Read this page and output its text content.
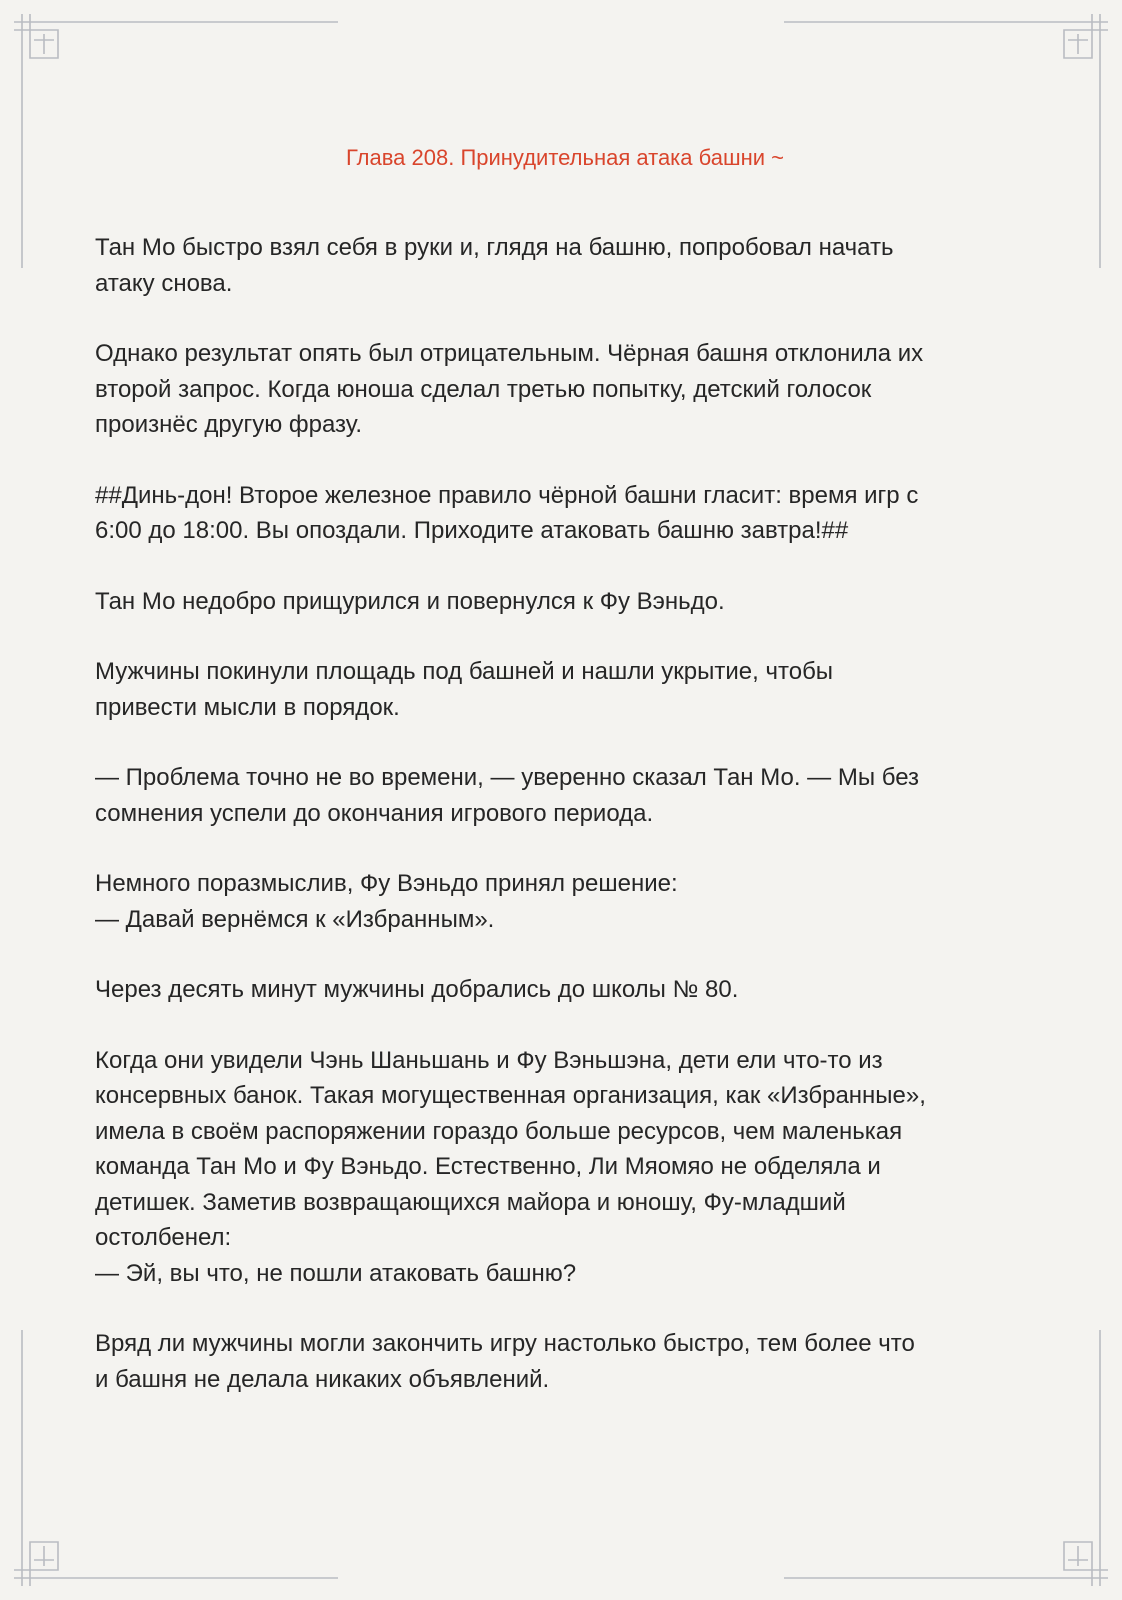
Глава 208. Принудительная атака башни ~

Тан Мо быстро взял себя в руки и, глядя на башню, попробовал начать
атаку снова.

Однако результат опять был отрицательным. Чёрная башня отклонила их
второй запрос. Когда юноша сделал третью попытку, детский голосок
произнёс другую фразу.

##Динь-дон! Второе железное правило чёрной башни гласит: время игр с
6:00 до 18:00. Вы опоздали. Приходите атаковать башню завтра!##

Тан Мо недобро прищурился и повернулся к Фу Вэньдо.

Мужчины покинули площадь под башней и нашли укрытие, чтобы
привести мысли в порядок.

— Проблема точно не во времени, — уверенно сказал Тан Мо. — Мы без
сомнения успели до окончания игрового периода.

Немного поразмыслив, Фу Вэньдо принял решение:
— Давай вернёмся к «Избранным».

Через десять минут мужчины добрались до школы № 80.

Когда они увидели Чэнь Шаньшань и Фу Вэньшэна, дети ели что-то из
консервных банок. Такая могущественная организация, как «Избранные»,
имела в своём распоряжении гораздо больше ресурсов, чем маленькая
команда Тан Мо и Фу Вэньдо. Естественно, Ли Мяомяо не обделяла и
детишек. Заметив возвращающихся майора и юношу, Фу-младший
остолбенел:
— Эй, вы что, не пошли атаковать башню?

Вряд ли мужчины могли закончить игру настолько быстро, тем более что
и башня не делала никаких объявлений.
